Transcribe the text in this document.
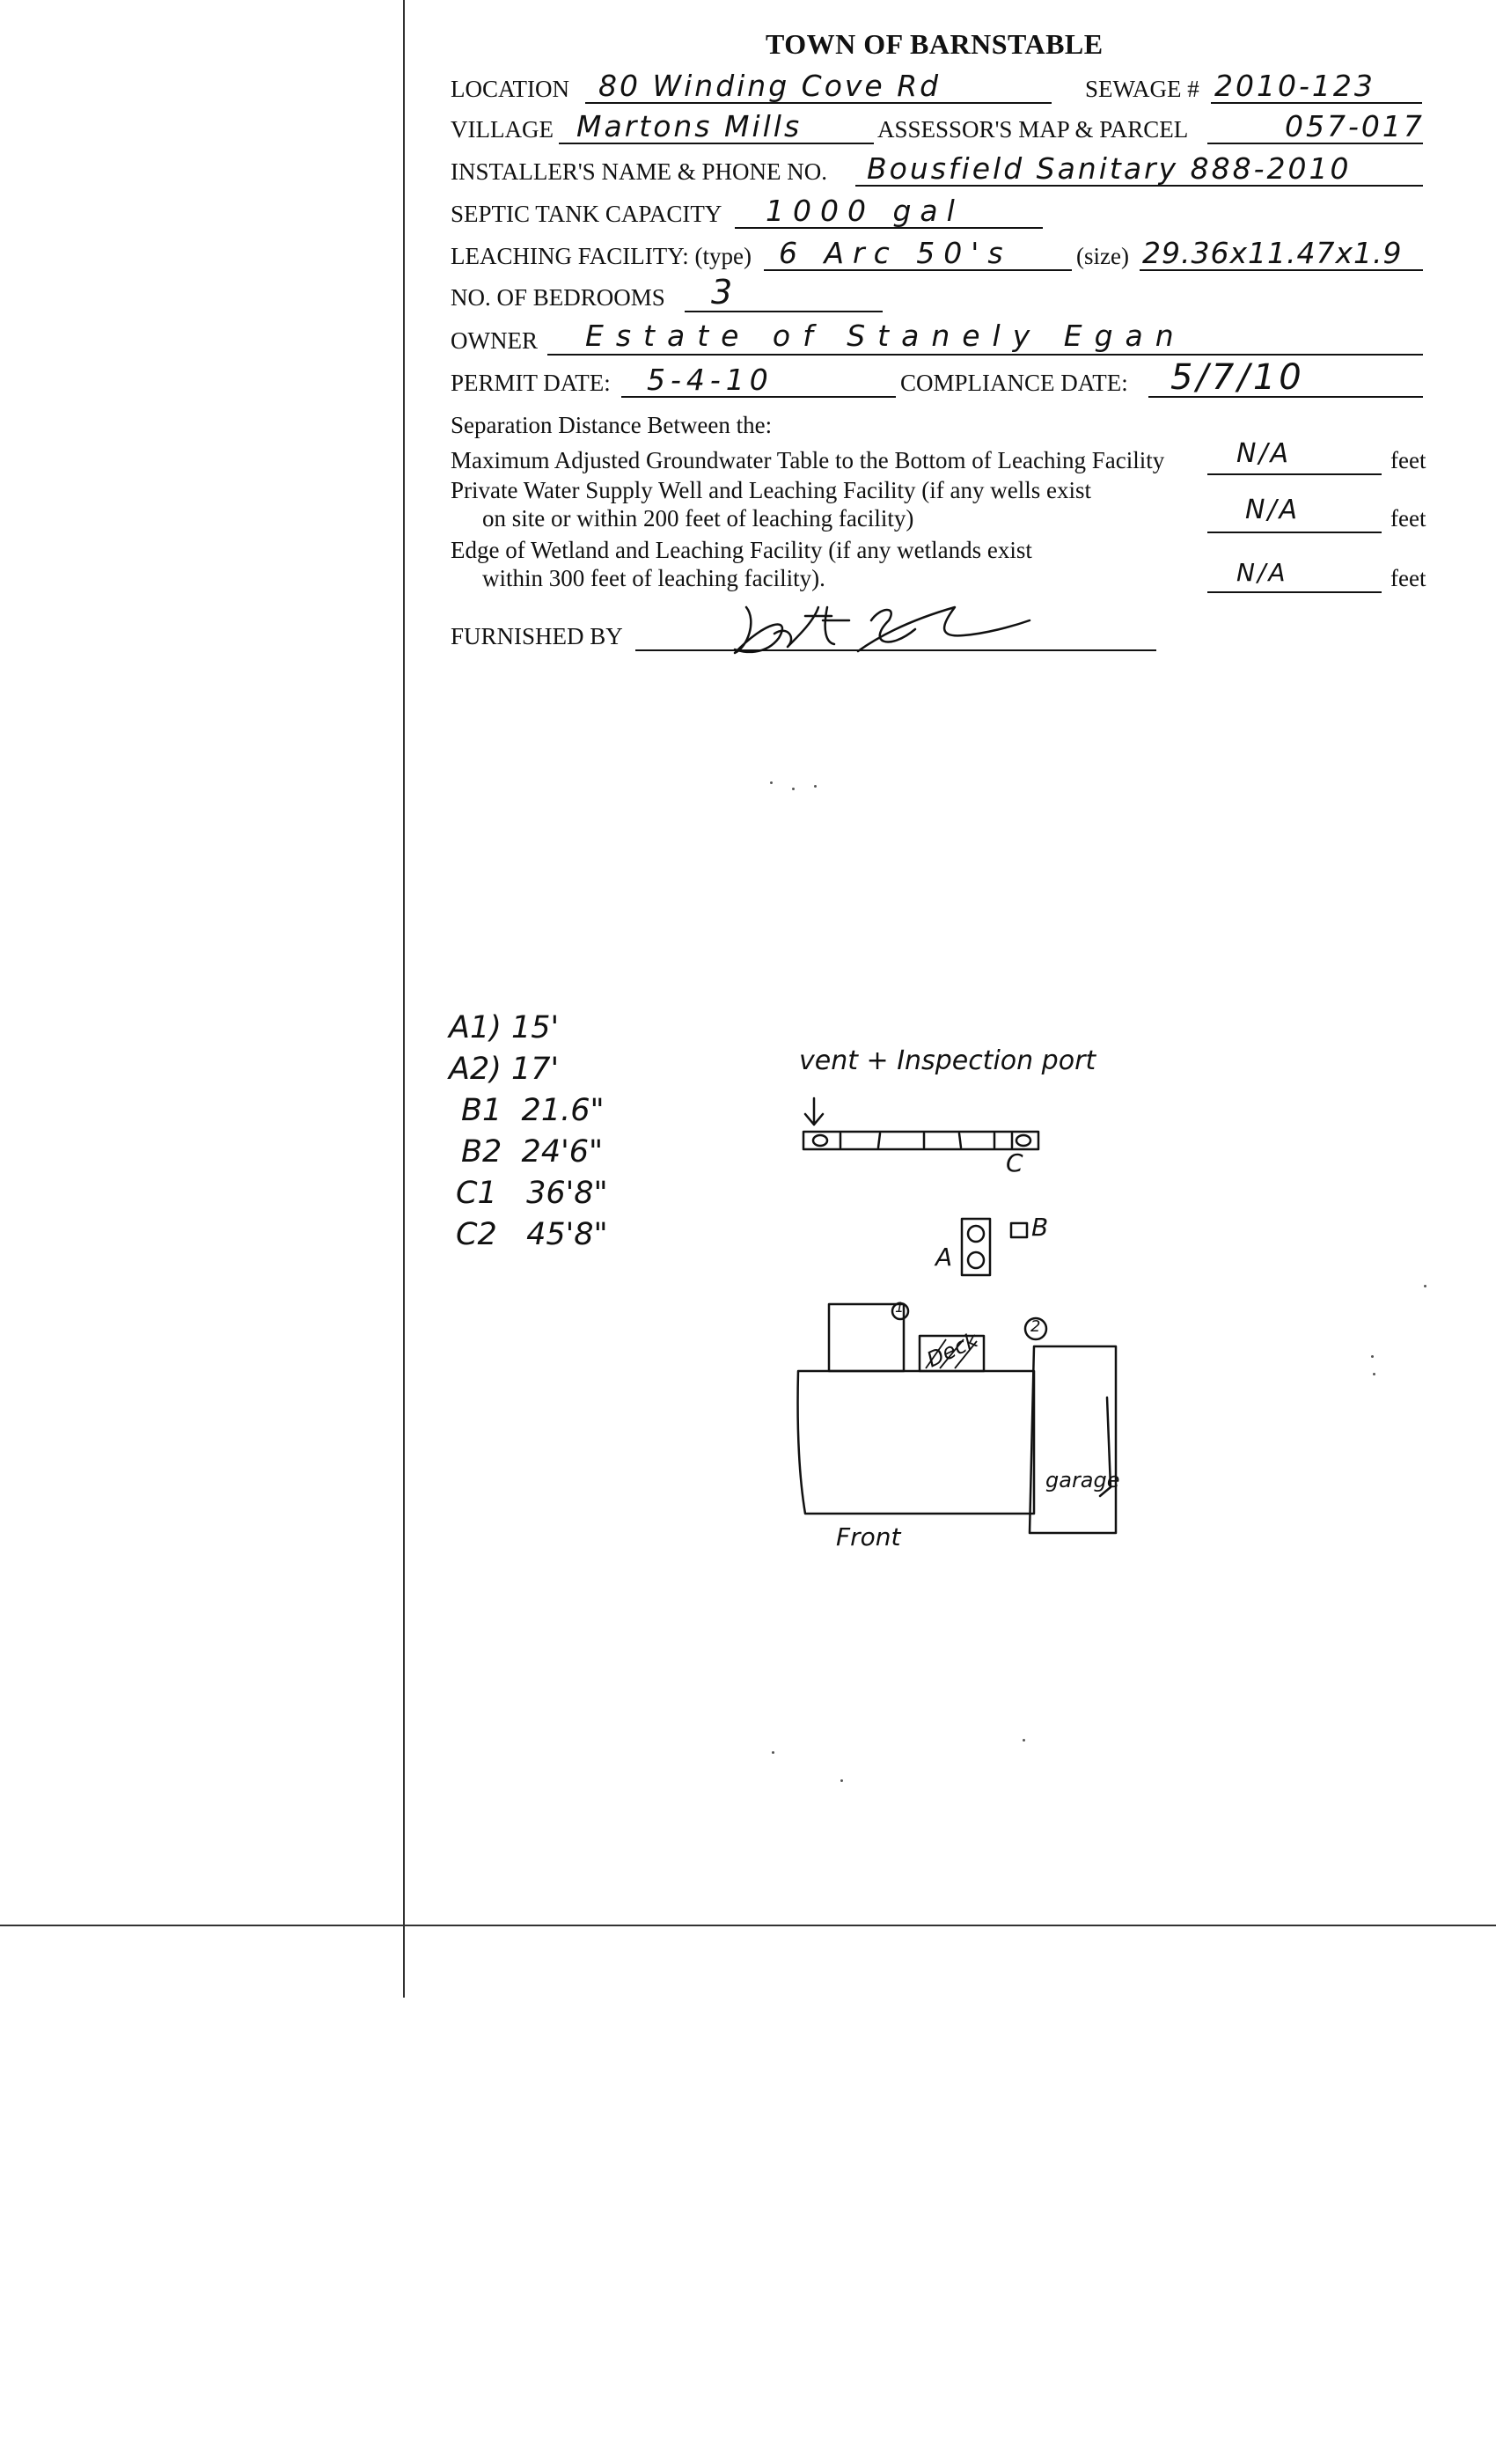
TOWN OF BARNSTABLE
LOCATION 80 Winding Cove Rd	SEWAGE # 2010-123
VILLAGE Martons Mills	ASSESSOR'S MAP & PARCEL	057-017
INSTALLER'S NAME & PHONE NO. Bousfield Sanitary 888-2010
SEPTIC TANK CAPACITY 1000 gal
LEACHING FACILITY: (type) 6 Arc 50's	(size) 29.36x11.47x1.9
NO. OF BEDROOMS 3
OWNER Estate of Stanely Egan
PERMIT DATE: 5-4-10	COMPLIANCE DATE: 5/7/10
Separation Distance Between the:
Maximum Adjusted Groundwater Table to the Bottom of Leaching Facility	N/A	feet
Private Water Supply Well and Leaching Facility (if any wells exist
on site or within 200 feet of leaching facility)	N/A	feet
Edge of Wetland and Leaching Facility (if any wetlands exist
within 300 feet of leaching facility).	N/A	feet
FURNISHED BY
A1) 15'
A2) 17'
B1 21.6"
B2 24'6"
C1 36'8"
C2 45'8"
vent + Inspection port
C
A
B
Deck
1
2
garage
Front
